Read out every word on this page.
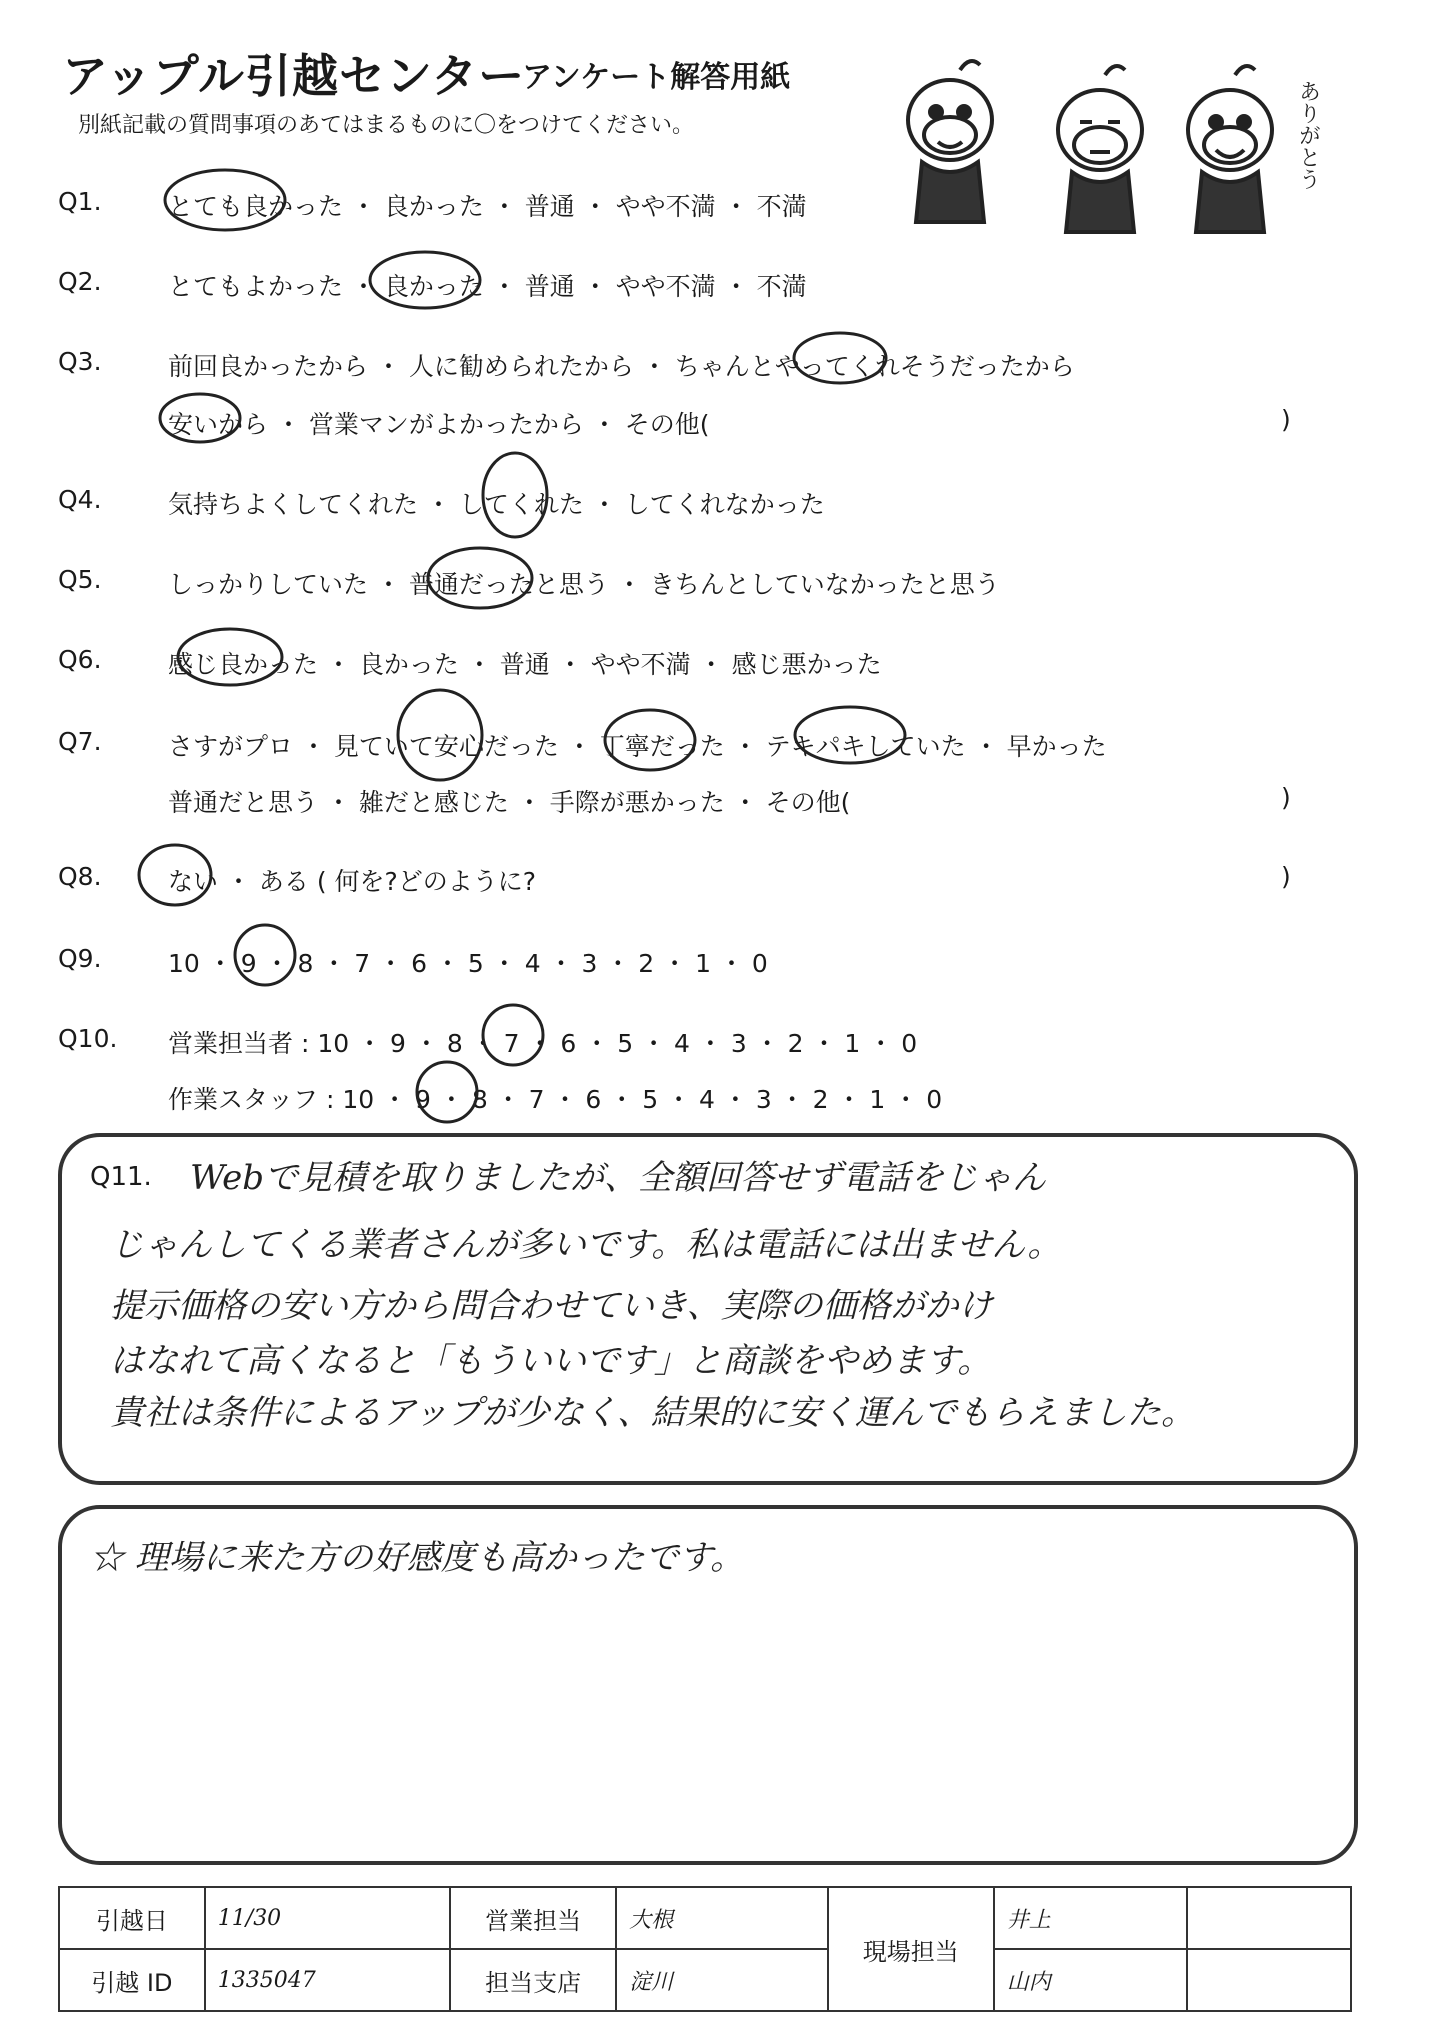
アップル引越センター
アンケート解答用紙
別紙記載の質問事項のあてはまるものに〇をつけてください。	ありがとう
Q1.	とても良かった ・ 良かった ・ 普通 ・ やや不満 ・ 不満
Q2.	とてもよかった ・ 良かった ・ 普通 ・ やや不満 ・ 不満
Q3.	前回良かったから ・ 人に勧められたから ・ ちゃんとやってくれそうだったから
安いから ・ 営業マンがよかったから ・ その他(	)
Q4.	気持ちよくしてくれた ・ してくれた ・ してくれなかった
Q5.	しっかりしていた ・ 普通だったと思う ・ きちんとしていなかったと思う
Q6.	感じ良かった ・ 良かった ・ 普通 ・ やや不満 ・ 感じ悪かった
Q7.	さすがプロ ・ 見ていて安心だった ・ 丁寧だった ・ テキパキしていた ・ 早かった
普通だと思う ・ 雑だと感じた ・ 手際が悪かった ・ その他(	)
Q8.	ない ・ ある ( 何を?どのように?	)
Q9.	10 ・ 9 ・ 8 ・ 7 ・ 6 ・ 5 ・ 4 ・ 3 ・ 2 ・ 1 ・ 0
Q10. 営業担当者 : 10 ・ 9 ・ 8 ・ 7 ・ 6 ・ 5 ・ 4 ・ 3 ・ 2 ・ 1 ・ 0
作業スタッフ : 10 ・ 9 ・ 8 ・ 7 ・ 6 ・ 5 ・ 4 ・ 3 ・ 2 ・ 1 ・ 0
Q11. Webで見積を取りましたが、全額回答せず電話をじゃん
じゃんしてくる業者さんが多いです。私は電話には出ません。
提示価格の安い方から問合わせていき、実際の価格がかけ
はなれて高くなると「もういいです」と商談をやめます。
貴社は条件によるアップが少なく、結果的に安く運んでもらえました。
☆ 理場に来た方の好感度も高かったです。
引越日	11/30	営業担当	大根	現場担当	井上	
引越 ID	1335047	担当支店	淀川		山内	
